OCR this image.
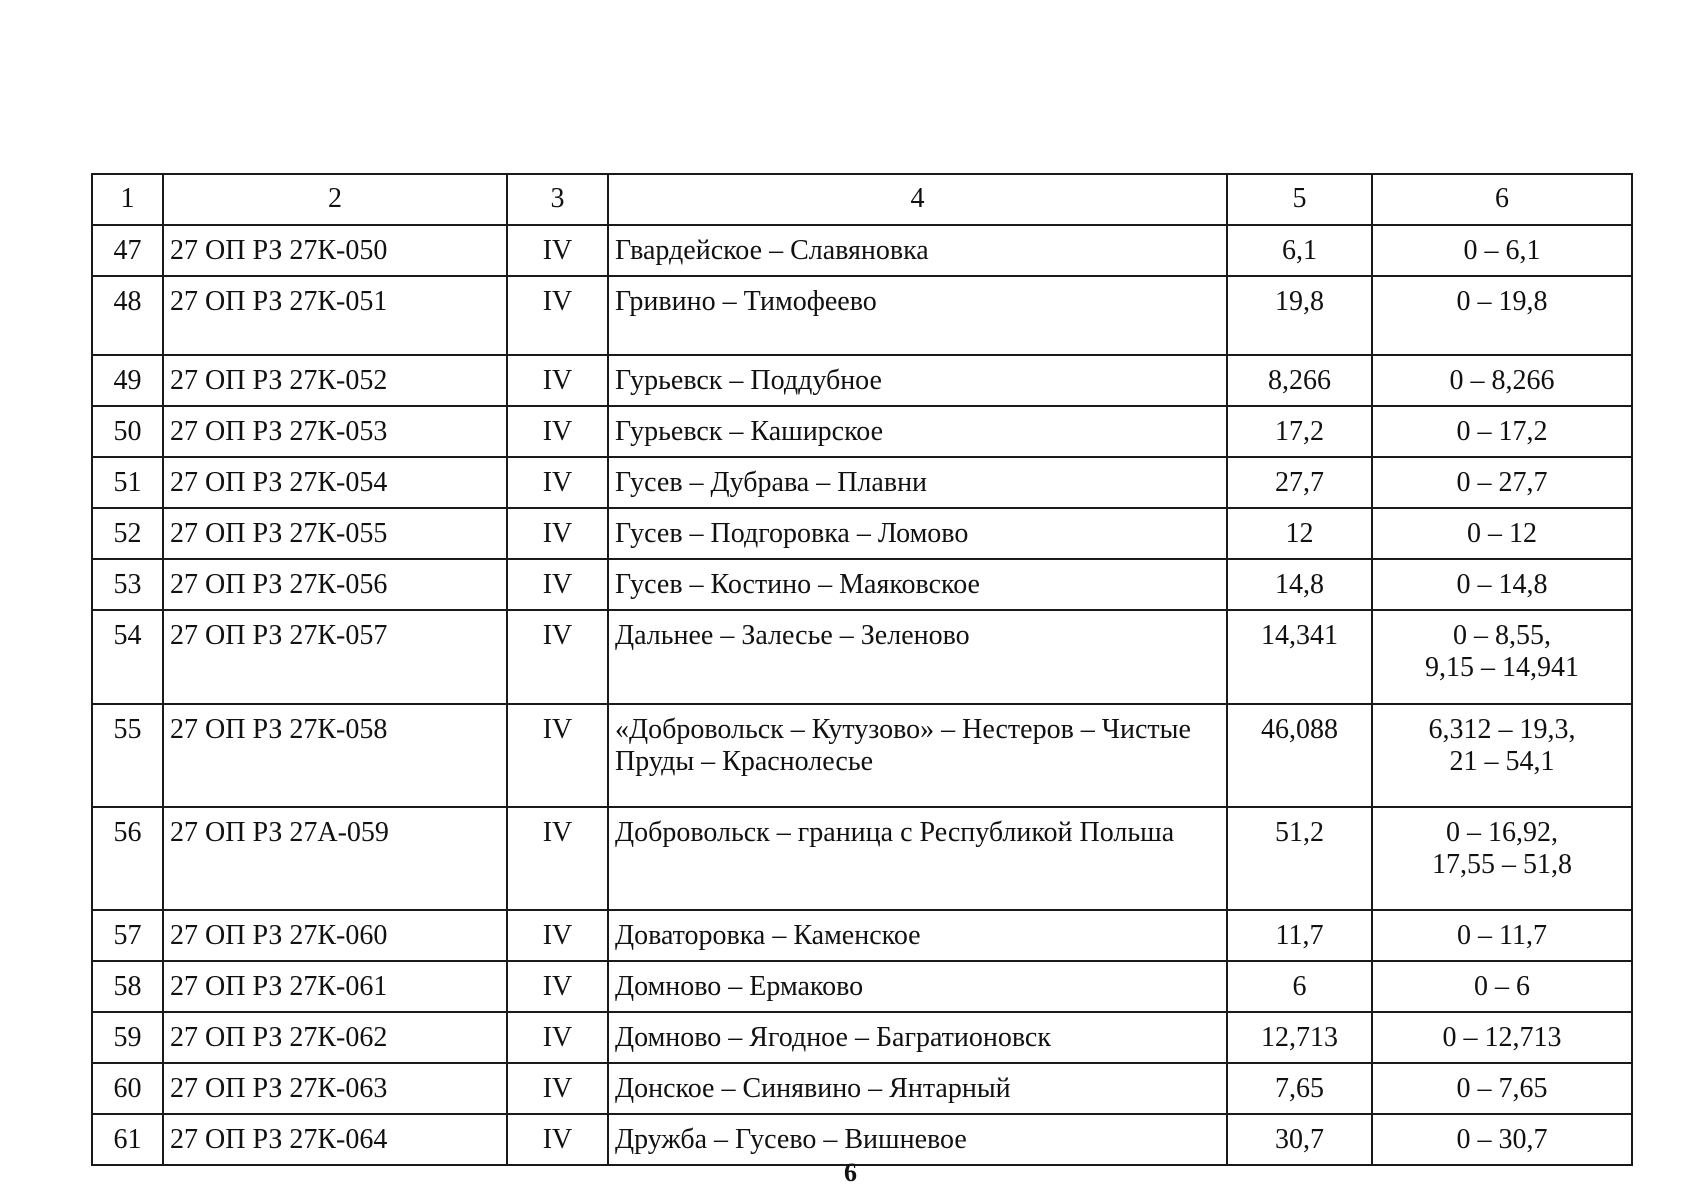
1	2	3	4	5	6
47	27 ОП РЗ 27К-050	IV	Гвардейское – Славяновка	6,1	0 – 6,1

48	27 ОП РЗ 27К-051	IV	Гривино – Тимофеево	19,8	0 – 19,8

49	27 ОП РЗ 27К-052	IV	Гурьевск – Поддубное	8,266	0 – 8,266

50	27 ОП РЗ 27К-053	IV	Гурьевск – Каширское	17,2	0 – 17,2

51	27 ОП РЗ 27К-054	IV	Гусев – Дубрава – Плавни	27,7	0 – 27,7

52	27 ОП РЗ 27К-055	IV	Гусев – Подгоровка – Ломово	12	0 – 12

53	27 ОП РЗ 27К-056	IV	Гусев – Костино – Маяковское	14,8	0 – 14,8

54	27 ОП РЗ 27К-057	IV	Дальнее – Залесье – Зеленово	14,341	0 – 8,55,
9,15 – 14,941

55	27 ОП РЗ 27К-058	IV	«Добровольск – Кутузово» – Нестеров – Чистые
Пруды – Краснолесье	46,088	6,312 – 19,3,
21 – 54,1

56	27 ОП РЗ 27А-059	IV	Добровольск – граница с Республикой Польша	51,2	0 – 16,92,
17,55 – 51,8

57	27 ОП РЗ 27К-060	IV	Доваторовка – Каменское	11,7	0 – 11,7

58	27 ОП РЗ 27К-061	IV	Домново – Ермаково	6	0 – 6

59	27 ОП РЗ 27К-062	IV	Домново – Ягодное – Багратионовск	12,713	0 – 12,713

60	27 ОП РЗ 27К-063	IV	Донское – Синявино – Янтарный	7,65	0 – 7,65

61	27 ОП РЗ 27К-064	IV	Дружба – Гусево – Вишневое	30,7	0 – 30,7
6
